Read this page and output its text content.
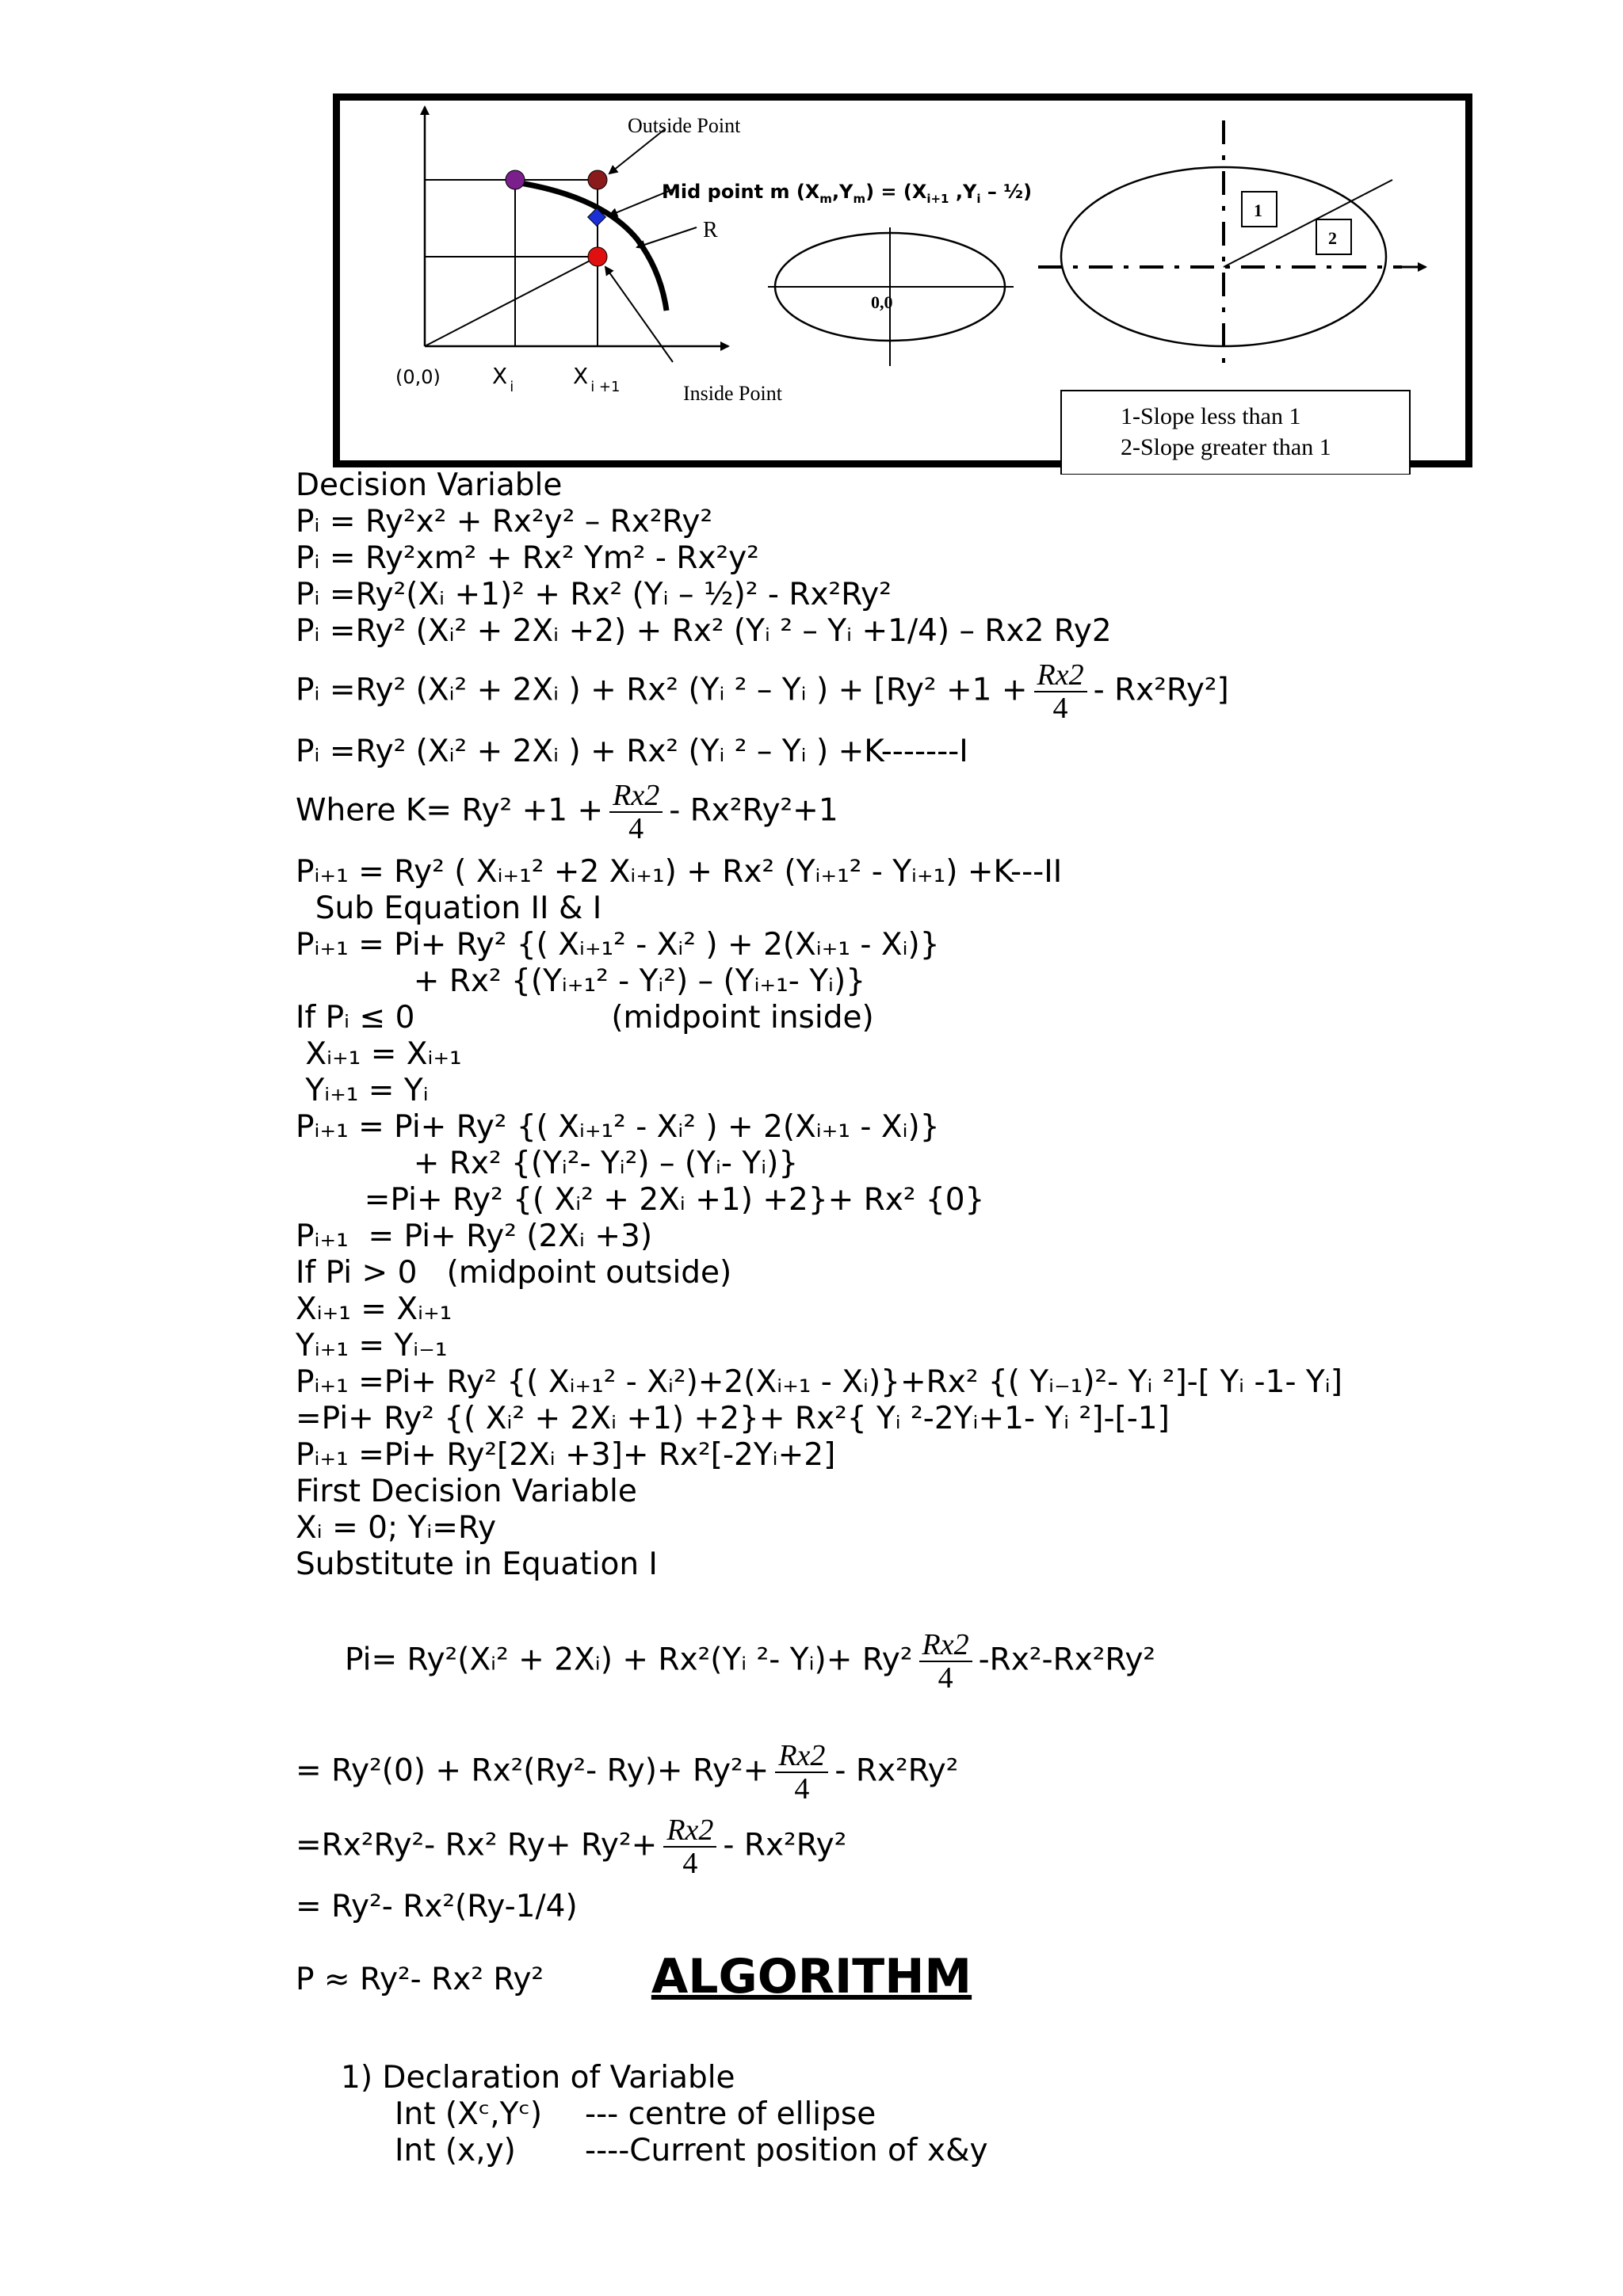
Outside Point
R
Inside Point
(0,0) X $_i$	X $_{i +1}$
Mid point m $(X_m,Y_m) = (X_{i+1}$ $,Y_i$ – ½)
0,0
1
2
1-Slope less than 1
2-Slope greater than 1
Decision Variable
Pᵢ = Ry²x² + Rx²y² – Rx²Ry²
Pᵢ = Ry²xm² + Rx² Ym² - Rx²y²
Pᵢ =Ry²(Xᵢ +1)² + Rx² (Yᵢ – ½)² - Rx²Ry²
Pᵢ =Ry² (Xᵢ² + 2Xᵢ +2) + Rx² (Yᵢ ² – Yᵢ +1/4) – Rx2 Ry2
Pᵢ =Ry² (Xᵢ² + 2Xᵢ ) + Rx² (Yᵢ ² – Yᵢ ) + $[Ry^2 +1 + \frac{Rx2}{4} - Rx^2Ry^2]$
Pᵢ =Ry² (Xᵢ² + 2Xᵢ ) + Rx² (Yᵢ ² – Yᵢ ) +K-------I
Where $K= Ry^2 +1 + \frac{Rx2}{4} - Rx^2Ry^2+1$
Pᵢ₊₁ = Ry² ( Xᵢ₊₁² +2 Xᵢ₊₁) + Rx² (Yᵢ₊₁² - Yᵢ₊₁) +K---II
Sub Equation II & I
Pᵢ₊₁ = Pi+ Ry² {( Xᵢ₊₁² - Xᵢ² ) + 2(Xᵢ₊₁ - Xᵢ)}
+ Rx² {(Yᵢ₊₁² - Yᵢ²) – (Yᵢ₊₁- Yᵢ)}
If Pᵢ ≤ 0                    (midpoint inside)
Xᵢ₊₁ = Xᵢ₊₁
Yᵢ₊₁ = Yᵢ
Pᵢ₊₁ = Pi+ Ry² {( Xᵢ₊₁² - Xᵢ² ) + 2(Xᵢ₊₁ - Xᵢ)}
+ Rx² {(Yᵢ²- Yᵢ²) – (Yᵢ- Yᵢ)}
=Pi+ Ry² {( Xᵢ² + 2Xᵢ +1) +2}+ Rx² {0}
Pᵢ₊₁  = Pi+ Ry² (2Xᵢ +3)
If Pi > 0   (midpoint outside)
Xᵢ₊₁ = Xᵢ₊₁
Yᵢ₊₁ = Yᵢ₋₁
Pᵢ₊₁ =Pi+ Ry² {( Xᵢ₊₁² - Xᵢ²)+2(Xᵢ₊₁ - Xᵢ)}+Rx² {( Yᵢ₋₁)²- Yᵢ ²]-[ Yᵢ -1- Yᵢ]
=Pi+ Ry² {( Xᵢ² + 2Xᵢ +1) +2}+ Rx²{ Yᵢ ²-2Yᵢ+1- Yᵢ ²]-[-1]
Pᵢ₊₁ =Pi+ Ry²[2Xᵢ +3]+ Rx²[-2Yᵢ+2]
First Decision Variable
Xᵢ = 0; Yᵢ=Ry
Substitute in Equation I

Pi= Ry²(Xᵢ² + 2Xᵢ) + Rx²(Yᵢ ²- Yᵢ)+ $Ry^2 \frac{Rx2}{4} -Rx^2-Rx^2Ry^2$

= Ry²(0) + Rx²(Ry²- $Ry)+ Ry^2+ \frac{Rx2}{4} - Rx^2Ry^2$
=Rx²Ry²- Rx² $Ry+ Ry^2+ \frac{Rx2}{4} - Rx^2Ry^2$
= Ry²- Rx²(Ry-1/4)
P ≈ Ry²- Rx² Ry²	ALGORITHM
1) Declaration of Variable
Int (Xᶜ,Yᶜ) --- centre of ellipse
Int (x,y) ----Current position of x&y
